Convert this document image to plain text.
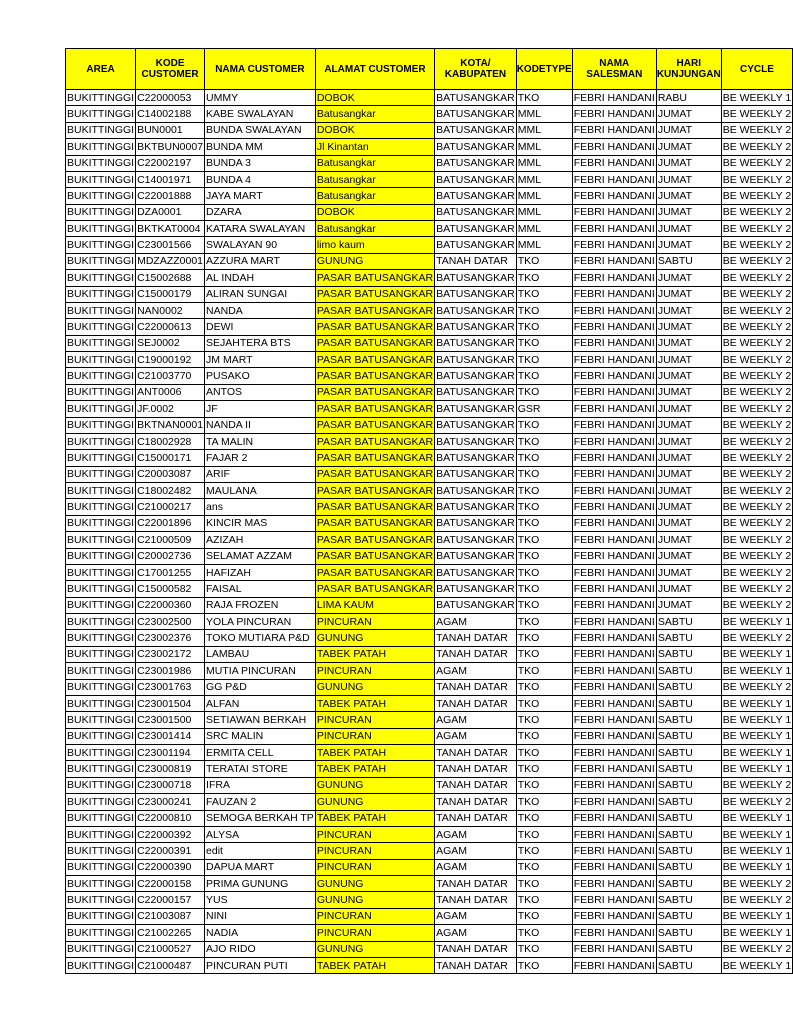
AREA	KODE CUSTOMER	NAMA CUSTOMER	ALAMAT CUSTOMER	KOTA/ KABUPATEN	KODETYPE	NAMA SALESMAN	HARI KUNJUNGAN	CYCLE
BUKITTINGGI	C22000053	UMMY	DOBOK	BATUSANGKAR	TKO	FEBRI HANDANI	RABU	BE WEEKLY 1
BUKITTINGGI	C14002188	KABE SWALAYAN	Batusangkar	BATUSANGKAR	MML	FEBRI HANDANI	JUMAT	BE WEEKLY 2
BUKITTINGGI	BUN0001	BUNDA SWALAYAN	DOBOK	BATUSANGKAR	MML	FEBRI HANDANI	JUMAT	BE WEEKLY 2
BUKITTINGGI	BKTBUN0007	BUNDA MM	Jl Kinantan	BATUSANGKAR	MML	FEBRI HANDANI	JUMAT	BE WEEKLY 2
BUKITTINGGI	C22002197	BUNDA 3	Batusangkar	BATUSANGKAR	MML	FEBRI HANDANI	JUMAT	BE WEEKLY 2
BUKITTINGGI	C14001971	BUNDA 4	Batusangkar	BATUSANGKAR	MML	FEBRI HANDANI	JUMAT	BE WEEKLY 2
BUKITTINGGI	C22001888	JAYA MART	Batusangkar	BATUSANGKAR	MML	FEBRI HANDANI	JUMAT	BE WEEKLY 2
BUKITTINGGI	DZA0001	DZARA	DOBOK	BATUSANGKAR	MML	FEBRI HANDANI	JUMAT	BE WEEKLY 2
BUKITTINGGI	BKTKAT0004	KATARA SWALAYAN	Batusangkar	BATUSANGKAR	MML	FEBRI HANDANI	JUMAT	BE WEEKLY 2
BUKITTINGGI	C23001566	SWALAYAN 90	limo kaum	BATUSANGKAR	MML	FEBRI HANDANI	JUMAT	BE WEEKLY 2
BUKITTINGGI	MDZAZZ0001	AZZURA MART	GUNUNG	TANAH DATAR	TKO	FEBRI HANDANI	SABTU	BE WEEKLY 2
BUKITTINGGI	C15002688	AL INDAH	PASAR BATUSANGKAR	BATUSANGKAR	TKO	FEBRI HANDANI	JUMAT	BE WEEKLY 2
BUKITTINGGI	C15000179	ALIRAN SUNGAI	PASAR BATUSANGKAR	BATUSANGKAR	TKO	FEBRI HANDANI	JUMAT	BE WEEKLY 2
BUKITTINGGI	NAN0002	NANDA	PASAR BATUSANGKAR	BATUSANGKAR	TKO	FEBRI HANDANI	JUMAT	BE WEEKLY 2
BUKITTINGGI	C22000613	DEWI	PASAR BATUSANGKAR	BATUSANGKAR	TKO	FEBRI HANDANI	JUMAT	BE WEEKLY 2
BUKITTINGGI	SEJ0002	SEJAHTERA BTS	PASAR BATUSANGKAR	BATUSANGKAR	TKO	FEBRI HANDANI	JUMAT	BE WEEKLY 2
BUKITTINGGI	C19000192	JM MART	PASAR BATUSANGKAR	BATUSANGKAR	TKO	FEBRI HANDANI	JUMAT	BE WEEKLY 2
BUKITTINGGI	C21003770	PUSAKO	PASAR BATUSANGKAR	BATUSANGKAR	TKO	FEBRI HANDANI	JUMAT	BE WEEKLY 2
BUKITTINGGI	ANT0006	ANTOS	PASAR BATUSANGKAR	BATUSANGKAR	TKO	FEBRI HANDANI	JUMAT	BE WEEKLY 2
BUKITTINGGI	JF.0002	JF	PASAR BATUSANGKAR	BATUSANGKAR	GSR	FEBRI HANDANI	JUMAT	BE WEEKLY 2
BUKITTINGGI	BKTNAN0001	NANDA II	PASAR BATUSANGKAR	BATUSANGKAR	TKO	FEBRI HANDANI	JUMAT	BE WEEKLY 2
BUKITTINGGI	C18002928	TA MALIN	PASAR BATUSANGKAR	BATUSANGKAR	TKO	FEBRI HANDANI	JUMAT	BE WEEKLY 2
BUKITTINGGI	C15000171	FAJAR 2	PASAR BATUSANGKAR	BATUSANGKAR	TKO	FEBRI HANDANI	JUMAT	BE WEEKLY 2
BUKITTINGGI	C20003087	ARIF	PASAR BATUSANGKAR	BATUSANGKAR	TKO	FEBRI HANDANI	JUMAT	BE WEEKLY 2
BUKITTINGGI	C18002482	MAULANA	PASAR BATUSANGKAR	BATUSANGKAR	TKO	FEBRI HANDANI	JUMAT	BE WEEKLY 2
BUKITTINGGI	C21000217	ans	PASAR BATUSANGKAR	BATUSANGKAR	TKO	FEBRI HANDANI	JUMAT	BE WEEKLY 2
BUKITTINGGI	C22001896	KINCIR MAS	PASAR BATUSANGKAR	BATUSANGKAR	TKO	FEBRI HANDANI	JUMAT	BE WEEKLY 2
BUKITTINGGI	C21000509	AZIZAH	PASAR BATUSANGKAR	BATUSANGKAR	TKO	FEBRI HANDANI	JUMAT	BE WEEKLY 2
BUKITTINGGI	C20002736	SELAMAT AZZAM	PASAR BATUSANGKAR	BATUSANGKAR	TKO	FEBRI HANDANI	JUMAT	BE WEEKLY 2
BUKITTINGGI	C17001255	HAFIZAH	PASAR BATUSANGKAR	BATUSANGKAR	TKO	FEBRI HANDANI	JUMAT	BE WEEKLY 2
BUKITTINGGI	C15000582	FAISAL	PASAR BATUSANGKAR	BATUSANGKAR	TKO	FEBRI HANDANI	JUMAT	BE WEEKLY 2
BUKITTINGGI	C22000360	RAJA FROZEN	LIMA KAUM	BATUSANGKAR	TKO	FEBRI HANDANI	JUMAT	BE WEEKLY 2
BUKITTINGGI	C23002500	YOLA PINCURAN	PINCURAN	AGAM	TKO	FEBRI HANDANI	SABTU	BE WEEKLY 1
BUKITTINGGI	C23002376	TOKO MUTIARA P&D	GUNUNG	TANAH DATAR	TKO	FEBRI HANDANI	SABTU	BE WEEKLY 2
BUKITTINGGI	C23002172	LAMBAU	TABEK PATAH	TANAH DATAR	TKO	FEBRI HANDANI	SABTU	BE WEEKLY 1
BUKITTINGGI	C23001986	MUTIA PINCURAN	PINCURAN	AGAM	TKO	FEBRI HANDANI	SABTU	BE WEEKLY 1
BUKITTINGGI	C23001763	GG P&D	GUNUNG	TANAH DATAR	TKO	FEBRI HANDANI	SABTU	BE WEEKLY 2
BUKITTINGGI	C23001504	ALFAN	TABEK PATAH	TANAH DATAR	TKO	FEBRI HANDANI	SABTU	BE WEEKLY 1
BUKITTINGGI	C23001500	SETIAWAN BERKAH	PINCURAN	AGAM	TKO	FEBRI HANDANI	SABTU	BE WEEKLY 1
BUKITTINGGI	C23001414	SRC MALIN	PINCURAN	AGAM	TKO	FEBRI HANDANI	SABTU	BE WEEKLY 1
BUKITTINGGI	C23001194	ERMITA CELL	TABEK PATAH	TANAH DATAR	TKO	FEBRI HANDANI	SABTU	BE WEEKLY 1
BUKITTINGGI	C23000819	TERATAI STORE	TABEK PATAH	TANAH DATAR	TKO	FEBRI HANDANI	SABTU	BE WEEKLY 1
BUKITTINGGI	C23000718	IFRA	GUNUNG	TANAH DATAR	TKO	FEBRI HANDANI	SABTU	BE WEEKLY 2
BUKITTINGGI	C23000241	FAUZAN 2	GUNUNG	TANAH DATAR	TKO	FEBRI HANDANI	SABTU	BE WEEKLY 2
BUKITTINGGI	C22000810	SEMOGA BERKAH TP	TABEK PATAH	TANAH DATAR	TKO	FEBRI HANDANI	SABTU	BE WEEKLY 1
BUKITTINGGI	C22000392	ALYSA	PINCURAN	AGAM	TKO	FEBRI HANDANI	SABTU	BE WEEKLY 1
BUKITTINGGI	C22000391	edit	PINCURAN	AGAM	TKO	FEBRI HANDANI	SABTU	BE WEEKLY 1
BUKITTINGGI	C22000390	DAPUA MART	PINCURAN	AGAM	TKO	FEBRI HANDANI	SABTU	BE WEEKLY 1
BUKITTINGGI	C22000158	PRIMA GUNUNG	GUNUNG	TANAH DATAR	TKO	FEBRI HANDANI	SABTU	BE WEEKLY 2
BUKITTINGGI	C22000157	YUS	GUNUNG	TANAH DATAR	TKO	FEBRI HANDANI	SABTU	BE WEEKLY 2
BUKITTINGGI	C21003087	NINI	PINCURAN	AGAM	TKO	FEBRI HANDANI	SABTU	BE WEEKLY 1
BUKITTINGGI	C21002265	NADIA	PINCURAN	AGAM	TKO	FEBRI HANDANI	SABTU	BE WEEKLY 1
BUKITTINGGI	C21000527	AJO RIDO	GUNUNG	TANAH DATAR	TKO	FEBRI HANDANI	SABTU	BE WEEKLY 2
BUKITTINGGI	C21000487	PINCURAN PUTI	TABEK PATAH	TANAH DATAR	TKO	FEBRI HANDANI	SABTU	BE WEEKLY 1
